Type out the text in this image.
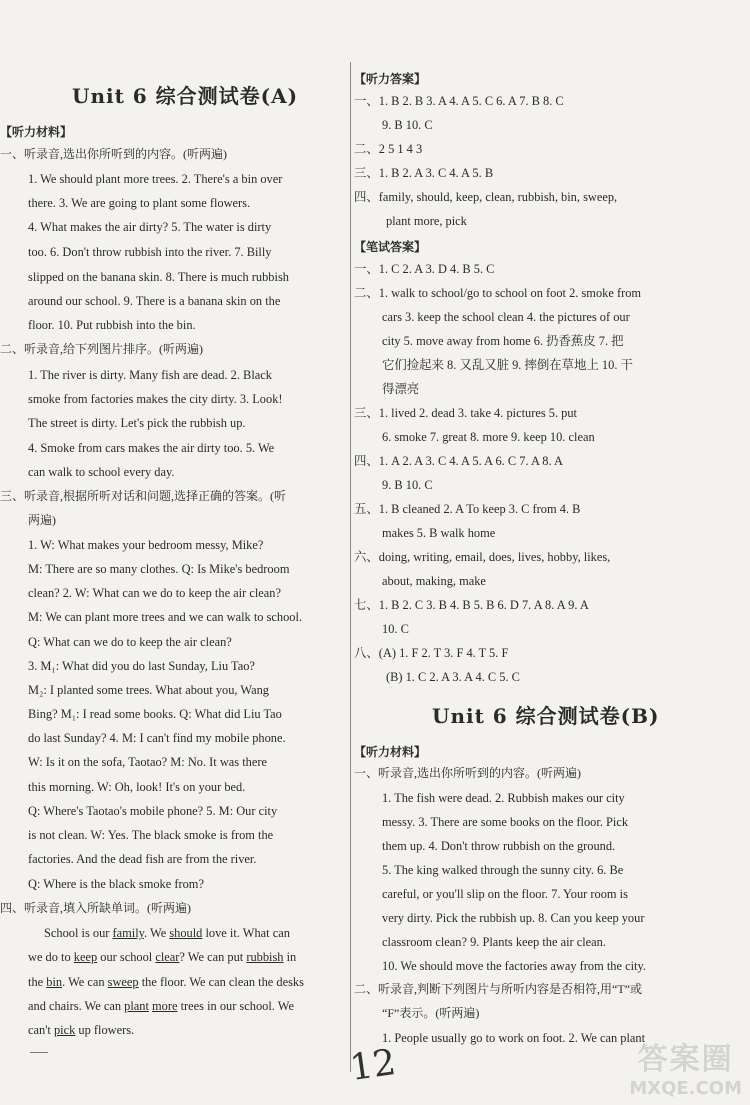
Unit 6 综合测试卷(A)
【听力材料】
一、听录音,选出你所听到的内容。(听两遍)
1. We should plant more trees. 2. There's a bin over
there. 3. We are going to plant some flowers.
4. What makes the air dirty? 5. The water is dirty
too. 6. Don't throw rubbish into the river. 7. Billy
slipped on the banana skin. 8. There is much rubbish
around our school. 9. There is a banana skin on the
floor. 10. Put rubbish into the bin.
二、听录音,给下列图片排序。(听两遍)
1. The river is dirty. Many fish are dead. 2. Black
smoke from factories makes the city dirty. 3. Look!
The street is dirty. Let's pick the rubbish up.
4. Smoke from cars makes the air dirty too. 5. We
can walk to school every day.
三、听录音,根据所听对话和问题,选择正确的答案。(听
两遍)
1. W: What makes your bedroom messy, Mike?
M: There are so many clothes. Q: Is Mike's bedroom
clean? 2. W: What can we do to keep the air clean?
M: We can plant more trees and we can walk to school.
Q: What can we do to keep the air clean?
3. M₁: What did you do last Sunday, Liu Tao?
M₂: I planted some trees. What about you, Wang
Bing? M₁: I read some books. Q: What did Liu Tao
do last Sunday? 4. M: I can't find my mobile phone.
W: Is it on the sofa, Taotao? M: No. It was there
this morning. W: Oh, look! It's on your bed.
Q: Where's Taotao's mobile phone? 5. M: Our city
is not clean. W: Yes. The black smoke is from the
factories. And the dead fish are from the river.
Q: Where is the black smoke from?
四、听录音,填入所缺单词。(听两遍)
School is our family. We should love it. What can
we do to keep our school clear? We can put rubbish in
the bin. We can sweep the floor. We can clean the desks
and chairs. We can plant more trees in our school. We
can't pick up flowers.
【听力答案】
一、1. B 2. B 3. A 4. A 5. C 6. A 7. B 8. C
9. B 10. C
二、2 5 1 4 3
三、1. B 2. A 3. C 4. A 5. B
四、family, should, keep, clean, rubbish, bin, sweep,
plant more, pick
【笔试答案】
一、1. C 2. A 3. D 4. B 5. C
二、1. walk to school/go to school on foot 2. smoke from
cars 3. keep the school clean 4. the pictures of our
city 5. move away from home 6. 扔香蕉皮 7. 把
它们捡起来 8. 又乱又脏 9. 摔倒在草地上 10. 干
得漂亮
三、1. lived 2. dead 3. take 4. pictures 5. put
6. smoke 7. great 8. more 9. keep 10. clean
四、1. A 2. A 3. C 4. A 5. A 6. C 7. A 8. A
9. B 10. C
五、1. B cleaned 2. A To keep 3. C from 4. B
makes 5. B walk home
六、doing, writing, email, does, lives, hobby, likes,
about, making, make
七、1. B 2. C 3. B 4. B 5. B 6. D 7. A 8. A 9. A
10. C
八、(A) 1. F 2. T 3. F 4. T 5. F
(B) 1. C 2. A 3. A 4. C 5. C
Unit 6 综合测试卷(B)
【听力材料】
一、听录音,选出你所听到的内容。(听两遍)
1. The fish were dead. 2. Rubbish makes our city
messy. 3. There are some books on the floor. Pick
them up. 4. Don't throw rubbish on the ground.
5. The king walked through the sunny city. 6. Be
careful, or you'll slip on the floor. 7. Your room is
very dirty. Pick the rubbish up. 8. Can you keep your
classroom clean? 9. Plants keep the air clean.
10. We should move the factories away from the city.
二、听录音,判断下列图片与所听内容是否相符,用“T”或
“F”表示。(听两遍)
1. People usually go to work on foot. 2. We can plant
12	答案圈
MXQE.COM
